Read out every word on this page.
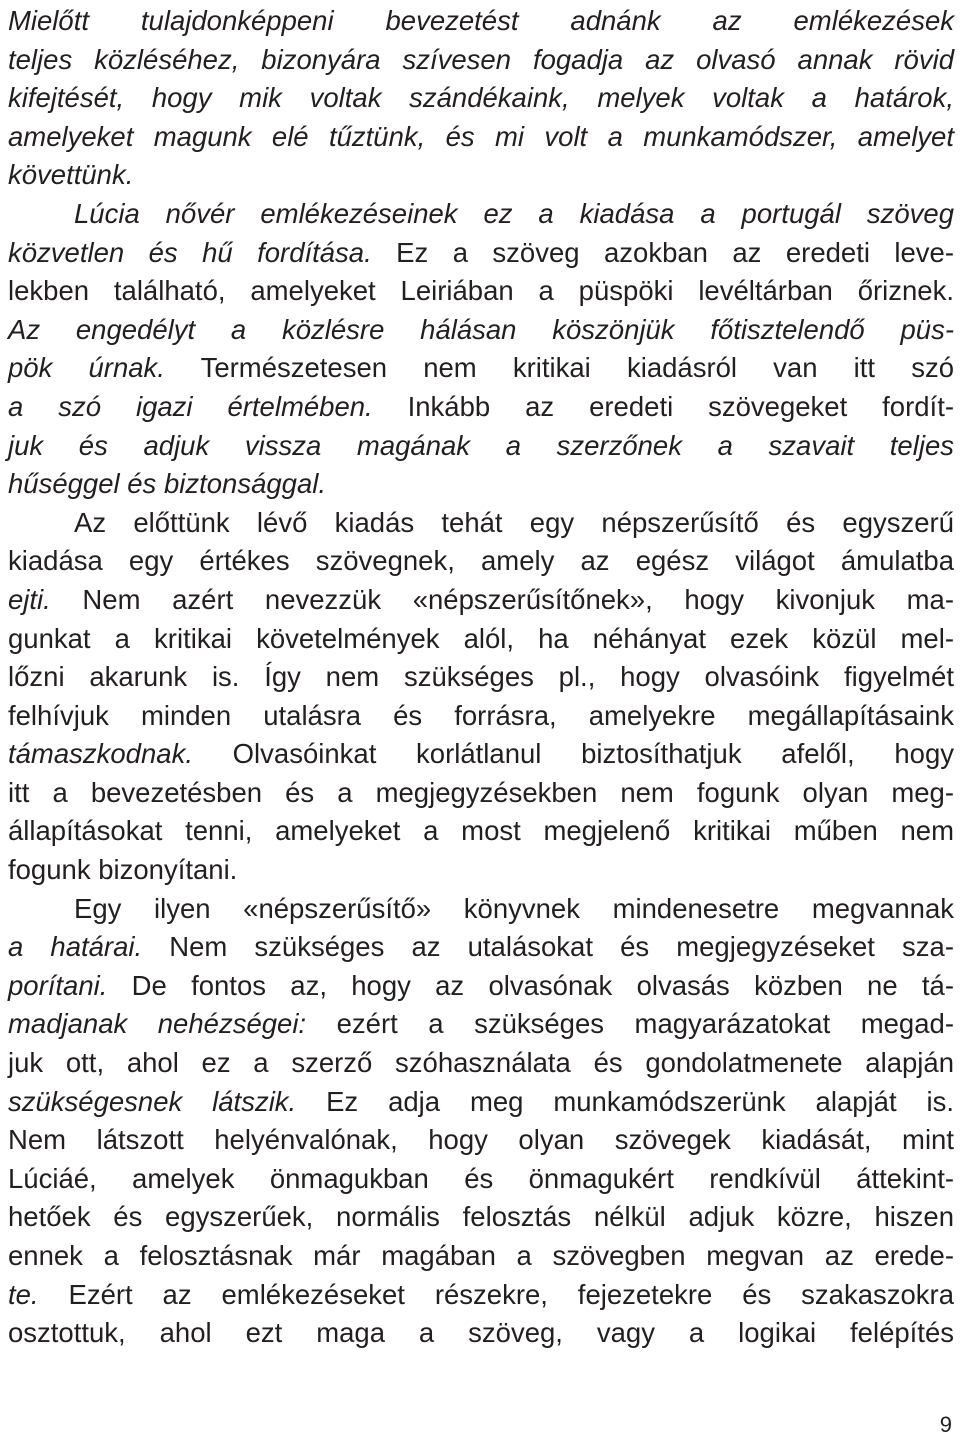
Mielőtt tulajdonképpeni bevezetést adnánk az emlékezések
teljes közléséhez, bizonyára szívesen fogadja az olvasó annak rövid
kifejtését, hogy mik voltak szándékaink, melyek voltak a határok,
amelyeket magunk elé tűztünk, és mi volt a munkamódszer, amelyet
követtünk.
Lúcia nővér emlékezéseinek ez a kiadása a portugál szöveg
közvetlen és hű fordítása. Ez a szöveg azokban az eredeti leve-
lekben található, amelyeket Leiriában a püspöki levéltárban őriznek.
Az engedélyt a közlésre hálásan köszönjük főtisztelendő püs-
pök úrnak. Természetesen nem kritikai kiadásról van itt szó
a szó igazi értelmében. Inkább az eredeti szövegeket fordít-
juk és adjuk vissza magának a szerzőnek a szavait teljes
hűséggel és biztonsággal.
Az előttünk lévő kiadás tehát egy népszerűsítő és egyszerű
kiadása egy értékes szövegnek, amely az egész világot ámulatba
ejti. Nem azért nevezzük «népszerűsítőnek», hogy kivonjuk ma-
gunkat a kritikai követelmények alól, ha néhányat ezek közül mel-
lőzni akarunk is. Így nem szükséges pl., hogy olvasóink figyelmét
felhívjuk minden utalásra és forrásra, amelyekre megállapításaink
támaszkodnak. Olvasóinkat korlátlanul biztosíthatjuk afelől, hogy
itt a bevezetésben és a megjegyzésekben nem fogunk olyan meg-
állapításokat tenni, amelyeket a most megjelenő kritikai műben nem
fogunk bizonyítani.
Egy ilyen «népszerűsítő» könyvnek mindenesetre megvannak
a határai. Nem szükséges az utalásokat és megjegyzéseket sza-
porítani. De fontos az, hogy az olvasónak olvasás közben ne tá-
madjanak nehézségei: ezért a szükséges magyarázatokat megad-
juk ott, ahol ez a szerző szóhasználata és gondolatmenete alapján
szükségesnek látszik. Ez adja meg munkamódszerünk alapját is.
Nem látszott helyénvalónak, hogy olyan szövegek kiadását, mint
Lúciáé, amelyek önmagukban és önmagukért rendkívül áttekint-
hetőek és egyszerűek, normális felosztás nélkül adjuk közre, hiszen
ennek a felosztásnak már magában a szövegben megvan az erede-
te. Ezért az emlékezéseket részekre, fejezetekre és szakaszokra
osztottuk, ahol ezt maga a szöveg, vagy a logikai felépítés
9
